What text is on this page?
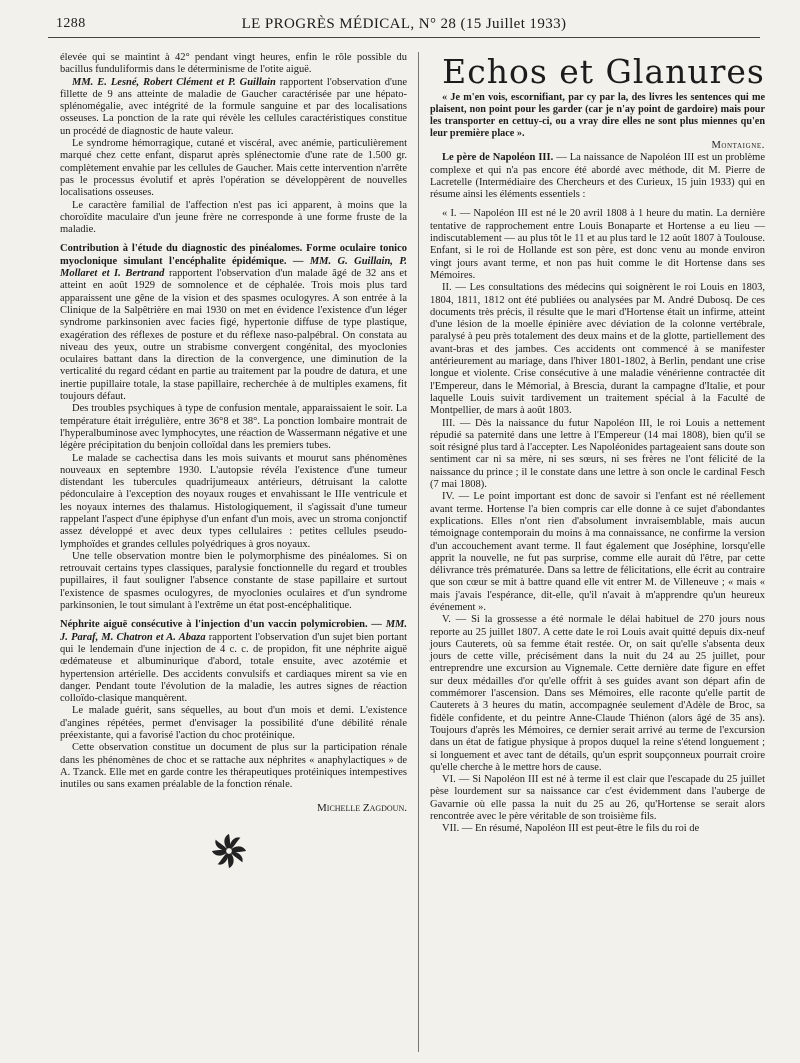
1288	LE PROGRÈS MÉDICAL, N° 28 (15 Juillet 1933)

élevée qui se maintint à 42° pendant vingt heures, enfin le rôle possible du bacillus funduliformis dans le déterminisme de l'otite aiguë.

MM. E. Lesné, Robert Clément et P. Guillain rapportent l'observation d'une fillette de 9 ans atteinte de maladie de Gaucher caractérisée par une hépato-splénomégalie, avec intégrité de la formule sanguine et par des localisations osseuses. La ponction de la rate qui révèle les cellules caractéristiques constitue un procédé de diagnostic de haute valeur.

Le syndrome hémorragique, cutané et viscéral, avec anémie, particulièrement marqué chez cette enfant, disparut après splénectomie d'une rate de 1.500 gr. complètement envahie par les cellules de Gaucher. Mais cette intervention n'arrête pas le processus évolutif et après l'opération se développèrent de nouvelles localisations osseuses.

Le caractère familial de l'affection n'est pas ici apparent, à moins que la choroïdite maculaire d'un jeune frère ne corresponde à une forme fruste de la maladie.

Contribution à l'étude du diagnostic des pinéalomes. Forme oculaire tonico myoclonique simulant l'encéphalite épidémique. — MM. G. Guillain, P. Mollaret et I. Bertrand rapportent l'observation d'un malade âgé de 32 ans et atteint en août 1929 de somnolence et de céphalée. Trois mois plus tard apparaissent une gêne de la vision et des spasmes oculogyres. A son entrée à la Clinique de la Salpêtrière en mai 1930 on met en évidence l'existence d'un léger syndrome parkinsonien avec facies figé, hypertonie diffuse de type plastique, exagération des réflexes de posture et du réflexe naso-palpébral. On constata au niveau des yeux, outre un strabisme convergent congénital, des myoclonies oculaires battant dans la direction de la convergence, une diminution de la verticalité du regard cédant en partie au traitement par la poudre de datura, et une inertie pupillaire totale, la stase papillaire, recherchée à de multiples examens, fit toujours défaut.

Des troubles psychiques à type de confusion mentale, apparaissaient le soir. La température était irrégulière, entre 36°8 et 38°. La ponction lombaire montrait de l'hyperalbuminose avec lymphocytes, une réaction de Wassermann négative et une légère précipitation du benjoin colloïdal dans les premiers tubes.

Le malade se cachectisa dans les mois suivants et mourut sans phénomènes nouveaux en septembre 1930. L'autopsie révéla l'existence d'une tumeur distendant les tubercules quadrijumeaux antérieurs, détruisant la calotte pédonculaire à l'exception des noyaux rouges et envahissant le IIIe ventricule et les noyaux internes des thalamus. Histologiquement, il s'agissait d'une tumeur rappelant l'aspect d'une épiphyse d'un enfant d'un mois, avec un stroma conjonctif assez développé et avec deux types cellulaires : petites cellules pseudo-lymphoïdes et grandes cellules polyédriques à gros noyaux.

Une telle observation montre bien le polymorphisme des pinéalomes. Si on retrouvait certains types classiques, paralysie fonctionnelle du regard et troubles pupillaires, il faut souligner l'absence constante de stase papillaire et surtout l'existence de spasmes oculogyres, de myoclonies oculaires et d'un syndrome parkinsonien, le tout simulant à l'extrême un état post-encéphalitique.

Néphrite aiguë consécutive à l'injection d'un vaccin polymicrobien. — MM. J. Paraf, M. Chatron et A. Abaza rapportent l'observation d'un sujet bien portant qui le lendemain d'une injection de 4 c. c. de propidon, fit une néphrite aiguë œdémateuse et albuminurique d'abord, totale ensuite, avec azotémie et hypertension artérielle. Des accidents convulsifs et cardiaques mirent sa vie en danger. Pendant toute l'évolution de la maladie, les autres signes de réaction colloïdo-clasique manquèrent.

Le malade guérit, sans séquelles, au bout d'un mois et demi. L'existence d'angines répétées, permet d'envisager la possibilité d'une débilité rénale préexistante, qui a favorisé l'action du choc protéinique.

Cette observation constitue un document de plus sur la participation rénale dans les phénomènes de choc et se rattache aux néphrites « anaphylactiques » de A. Tzanck. Elle met en garde contre les thérapeutiques protéiniques intempestives inutiles ou sans examen préalable de la fonction rénale.

Michelle Zagdoun.

Echos et Glanures

« Je m'en vois, escornifiant, par cy par la, des livres les sentences qui me plaisent, non point pour les garder (car je n'ay point de gardoire) mais pour les transporter en cettuy-ci, ou a vray dire elles ne sont plus miennes qu'en leur première place ».

Montaigne.

Le père de Napoléon III. — La naissance de Napoléon III est un problème complexe et qui n'a pas encore été abordé avec méthode, dit M. Pierre de Lacretelle (Intermédiaire des Chercheurs et des Curieux, 15 juin 1933) qui en résume ainsi les éléments essentiels :

« I. — Napoléon III est né le 20 avril 1808 à 1 heure du matin. La dernière tentative de rapprochement entre Louis Bonaparte et Hortense a eu lieu — indiscutablement — au plus tôt le 11 et au plus tard le 12 août 1807 à Toulouse. Enfant, si le roi de Hollande est son père, est donc venu au monde environ vingt jours avant terme, et non pas huit comme le dit Hortense dans ses Mémoires.

II. — Les consultations des médecins qui soignèrent le roi Louis en 1803, 1804, 1811, 1812 ont été publiées ou analysées par M. André Dubosq. De ces documents très précis, il résulte que le mari d'Hortense était un infirme, atteint d'une lésion de la moelle épinière avec déviation de la colonne vertébrale, paralysé à peu près totalement des deux mains et de la glotte, partiellement des avant-bras et des jambes. Ces accidents ont commencé à se manifester antérieurement au mariage, dans l'hiver 1801-1802, à Berlin, pendant une crise longue et violente. Crise consécutive à une maladie vénérienne contractée dit l'Empereur, dans le Mémorial, à Brescia, durant la campagne d'Italie, et pour laquelle Louis suivit tardivement un traitement spécial à la Faculté de Montpellier, de mars à août 1803.

III. — Dès la naissance du futur Napoléon III, le roi Louis a nettement répudié sa paternité dans une lettre à l'Empereur (14 mai 1808), bien qu'il se soit résigné plus tard à l'accepter. Les Napoléonides partageaient sans doute son sentiment car ni sa mère, ni ses sœurs, ni ses frères ne l'ont félicité de la naissance du prince ; il le constate dans une lettre à son oncle le cardinal Fesch (7 mai 1808).

IV. — Le point important est donc de savoir si l'enfant est né réellement avant terme. Hortense l'a bien compris car elle donne à ce sujet d'abondantes explications. Elles n'ont rien d'absolument invraisemblable, mais aucun témoignage contemporain du moins à ma connaissance, ne confirme la version d'un accouchement avant terme. Il faut également que Joséphine, lorsqu'elle apprit la nouvelle, ne fut pas surprise, comme elle aurait dû l'être, par cette délivrance très prématurée. Dans sa lettre de félicitations, elle écrit au contraire que son cœur se mit à battre quand elle vit entrer M. de Villeneuve ; « mais « mais j'avais l'espérance, dit-elle, qu'il n'avait à m'apprendre qu'un heureux événement ».

V. — Si la grossesse a été normale le délai habituel de 270 jours nous reporte au 25 juillet 1807. A cette date le roi Louis avait quitté depuis dix-neuf jours Cauterets, où sa femme était restée. Or, on sait qu'elle s'absenta deux jours de cette ville, précisément dans la nuit du 24 au 25 juillet, pour entreprendre une excursion au Vignemale. Cette dernière date figure en effet sur deux médailles d'or qu'elle offrit à ses guides avant son départ afin de commémorer l'ascension. Dans ses Mémoires, elle raconte qu'elle partit de Cauterets à 3 heures du matin, accompagnée seulement d'Adèle de Broc, sa fidèle confidente, et du peintre Anne-Claude Thiénon (alors âgé de 35 ans). Toujours d'après les Mémoires, ce dernier serait arrivé au terme de l'excursion dans un état de fatigue physique à propos duquel la reine s'étend longuement ; si longuement et avec tant de détails, qu'un esprit soupçonneux pourrait croire qu'elle cherche à le mettre hors de cause.

VI. — Si Napoléon III est né à terme il est clair que l'escapade du 25 juillet pèse lourdement sur sa naissance car c'est évidemment dans l'auberge de Gavarnie où elle passa la nuit du 25 au 26, qu'Hortense se serait alors rencontrée avec le père véritable de son troisième fils.

VII. — En résumé, Napoléon III est peut-être le fils du roi de
